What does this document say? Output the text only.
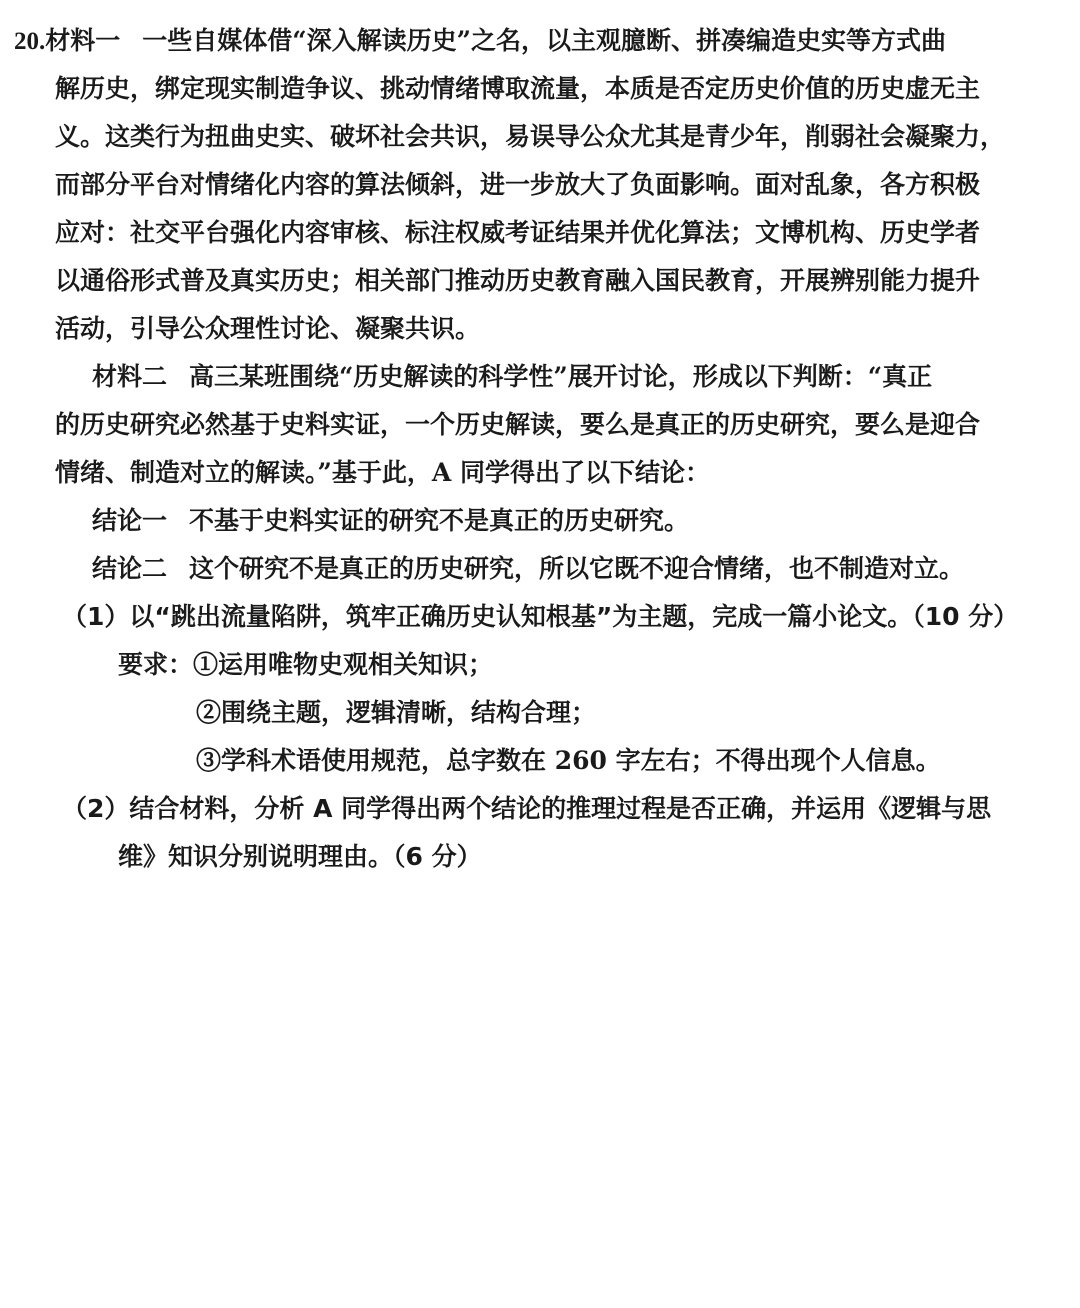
20.材料一 一些自媒体借“深入解读历史”之名，以主观臆断、拼凑编造史实等方式曲
解历史，绑定现实制造争议、挑动情绪博取流量，本质是否定历史价值的历史虚无主
义。这类行为扭曲史实、破坏社会共识，易误导公众尤其是青少年，削弱社会凝聚力，
而部分平台对情绪化内容的算法倾斜，进一步放大了负面影响。面对乱象，各方积极
应对：社交平台强化内容审核、标注权威考证结果并优化算法；文博机构、历史学者
以通俗形式普及真实历史；相关部门推动历史教育融入国民教育，开展辨别能力提升
活动，引导公众理性讨论、凝聚共识。
材料二 高三某班围绕“历史解读的科学性”展开讨论，形成以下判断：“真正
的历史研究必然基于史料实证，一个历史解读，要么是真正的历史研究，要么是迎合
情绪、制造对立的解读。”基于此，A 同学得出了以下结论：
结论一 不基于史料实证的研究不是真正的历史研究。
结论二 这个研究不是真正的历史研究，所以它既不迎合情绪，也不制造对立。
（1）以“跳出流量陷阱，筑牢正确历史认知根基”为主题，完成一篇小论文。（10 分）
要求：①运用唯物史观相关知识；
②围绕主题，逻辑清晰，结构合理；
③学科术语使用规范，总字数在 260 字左右；不得出现个人信息。
（2）结合材料，分析 A 同学得出两个结论的推理过程是否正确，并运用《逻辑与思
维》知识分别说明理由。（6 分）
